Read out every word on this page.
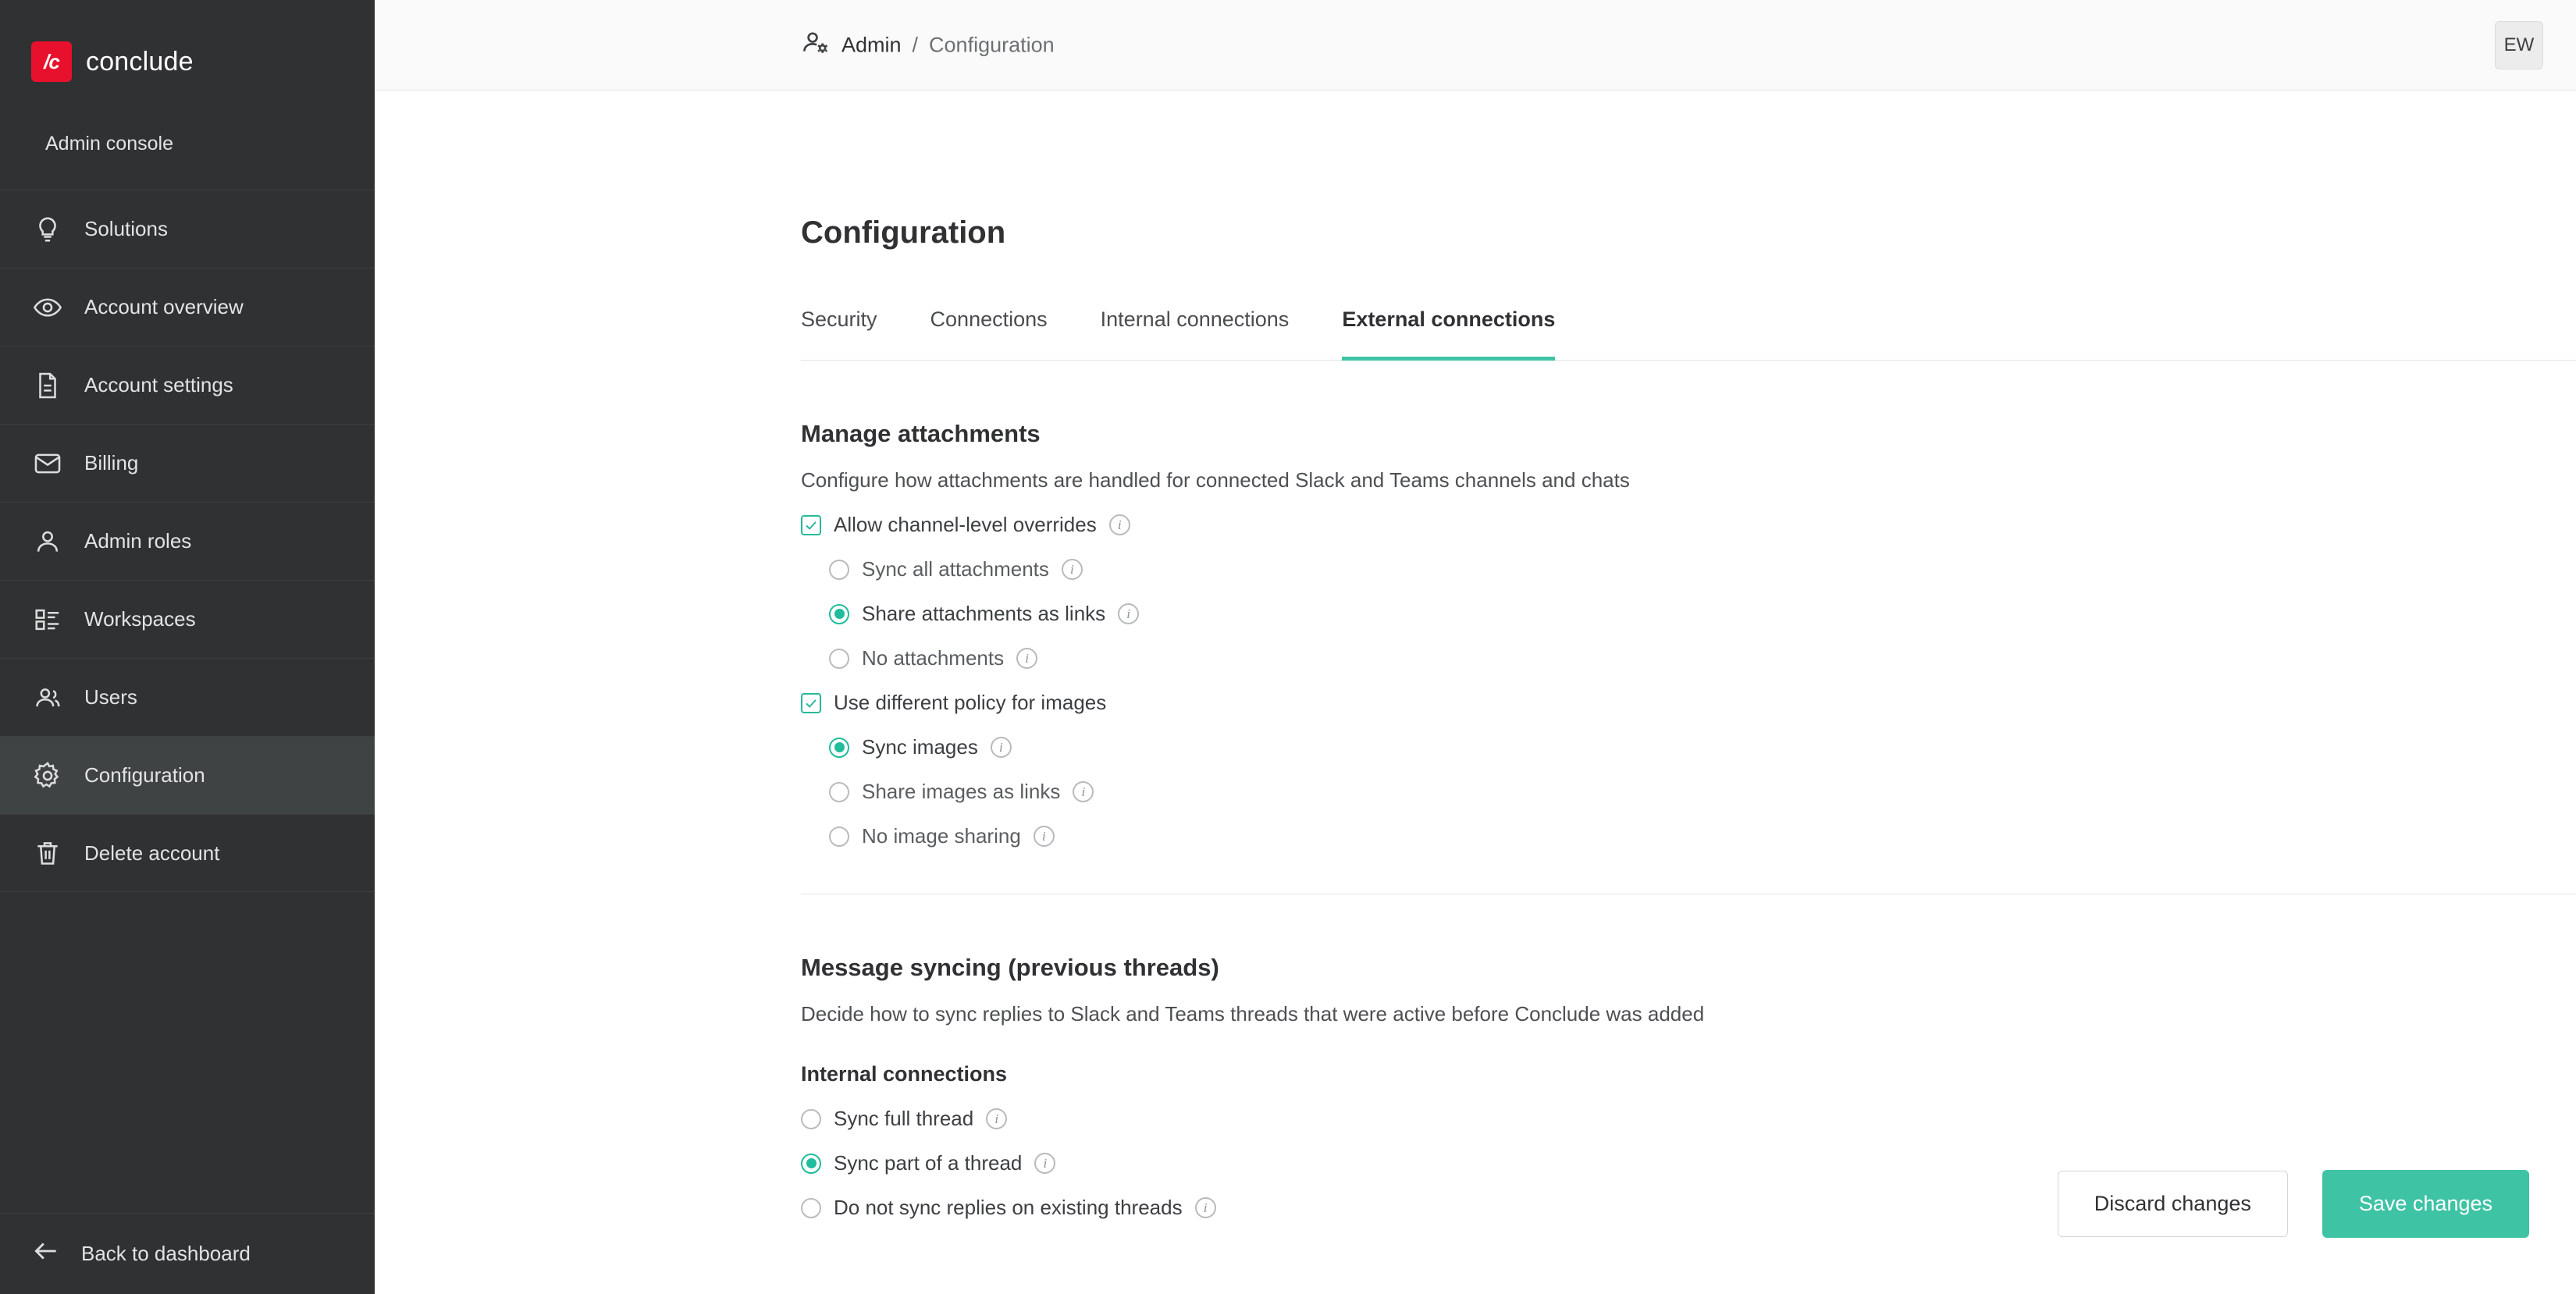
/c	conclude
Admin console
Solutions
Account overview
Account settings
Billing
Admin roles
Workspaces
Users
Configuration
Delete account
Back to dashboard
Admin / Configuration	EW
Configuration
Security	Connections	Internal connections	External connections
Manage attachments
Configure how attachments are handled for connected Slack and Teams channels and chats
Allow channel-level overrides	i
Sync all attachments	i
Share attachments as links	i
No attachments	i
Use different policy for images
Sync images	i
Share images as links	i
No image sharing	i
Message syncing (previous threads)
Decide how to sync replies to Slack and Teams threads that were active before Conclude was added
Internal connections
Sync full thread	i
Sync part of a thread	i
Do not sync replies on existing threads	i	Discard changes	Save changes
